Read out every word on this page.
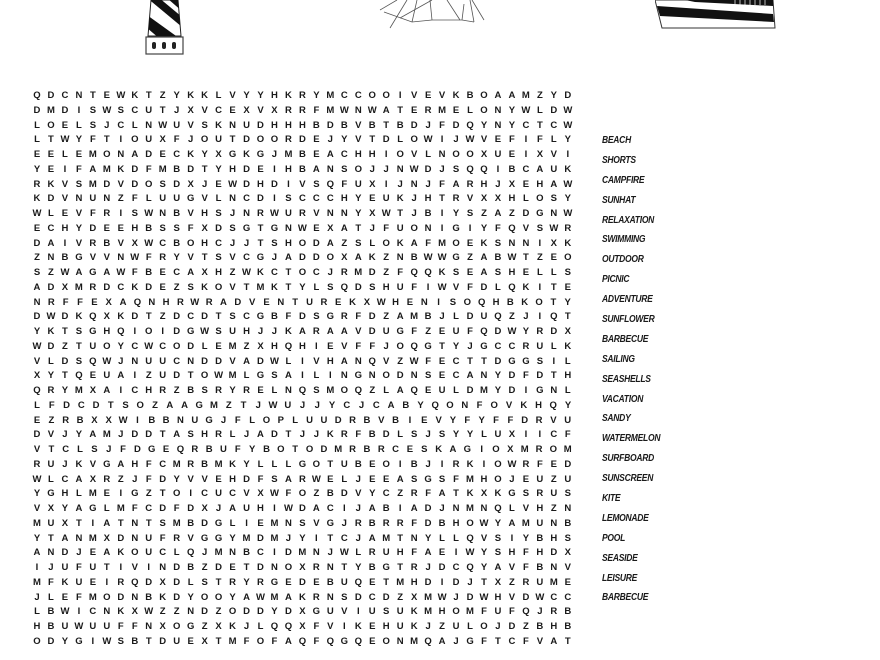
Q D C N T E W K T Z Y K K L V Y Y H K R Y M C C O O I V E V K B O A A M Z Y D
D M D I S W S C U T J X V C E X V X R R F M W N W A T E R M E L O N Y W L D W
L O E L S J C L N W U V S K N U D H H H B D B V B T B D J F D Q Y N Y C T C W
L T W Y F T	I O U X F J O U T D O O R D E J Y V T D L O W I	J W V E F	I	F L Y
E E L E M O N A D E C K Y X G K G J M B E A C H H I O V L N O O X U E I X V I
Y E I	F A M K D F M B D T Y H D E I H B A N S O J J N W D J S Q Q I B C A U K
R K V S M D V D O S D X J E W D H D I V S Q F U X I	J N J F A R H J X E H A W
K D V N U N Z F L U U G V L N C D I S C C C H Y E U K J H T R V X X H L O S Y
W L E V F R I S W N B V H S J N R W U R V N N Y X W T J B I Y S Z A Z D G N W
E C H Y D E E H B S S F X D S G T G N W E X A T J F U O N I G I Y F Q V S W R
D A I V R B V X W C B O H C J J T S H O D A Z S L O K A F M O E K S N N I X K
Z N B G V V N W F R Y V T S V C G J A D D O X A K Z N B W W G Z A B W T Z E O
S Z W A G A W F B E C A X H Z W K C T O C J R M D Z F Q Q K S E A S H E L L S
A D X M R D C K D E Z S K O V T M K T Y L S Q D S H U F	I W V F D L Q K I	T E
N R F F E X A Q N H R W R A D V E N T U R E K X W H E N	I	S O Q H B K O T Y
D W D K Q X K D T Z D C D T S C G B F D S G R F D Z A M B J L D U Q Z J	I Q T
Y K T S G H Q I O I D G W S U H J J K A R A A V D U G F Z E U F Q D W Y R D X
W D Z T U O Y C W C O D L E M Z X H Q H I E V F F J O Q G T Y J G C C R U L K
V L D S Q W J N U U C N D D V A D W L	I V H A N Q V Z W F E C T T D G G S I	L
X Y T Q E U A I	Z U D T O W M L G S A I	L	I N G N O D N S E C A N Y D F D T H
Q R Y M X A I C H R Z B S R Y R E L N Q S M O Q Z L A Q E U L D M Y D I G N L
L F D C D T S O Z A A G M Z T J W U J J Y C J C A B Y Q O N F O V K H Q Y
E Z R B X X W I	B B N U G J F L O P L U U D R B V B	I	E V Y F Y F F D R V U
D V J Y A M J D D T A S H R L J A D T J J K R F B D L S J S Y Y L U X I	I C F
V T C L S J F D G E Q R B U F Y B O T O D M R B R C E S K A G I O X M R O M
R U J K V G A H F C M R B M K Y L L L G O T U B E O I B J	I R K I O W R F E D
W L C A X R Z J F D Y V V E H D F S A R W E L J E E A S G S F M H O J E U Z U
Y G H L M E I G Z T O I C U C V X W F O Z B D V Y C Z R F A T K X K G S R U S
V X Y A G L M F C D F D X J A U H I W D A C I	J A B I A D J N M N Q L V H Z N
M U X T	I A T N T S M B D G L	I E M N S V G J R B R R F D B H O W Y A M U N B
Y T A N M X D N U F R V G G Y M D M J Y I	T C J A M T N Y L L Q V S I Y B H S
A N D J E A K O U C L Q J M N B C I D M N J W L R U H F A E I W Y S H F H D X
I	J U F U T	I V I N D B Z D E T D N O X R N T Y B G T R J D C Q Y A V F B N V
M F K U E I R Q D X D L S T R Y R G E D E B U Q E T M H D I D J T X Z R U M E
J L E F M O D N B K D Y O O Y A W M A K R N S D C D Z X M W J D W H V D W C C
L B W I C N K X W Z Z N D Z O D D Y D X G U V I U S U K M H O M F U F Q J R B
H B U W U U F F N X O G Z X K J L Q Q X F V I K E H U K J Z U L O J D Z B H B
O D Y G I W S B T D U E X T M F O F A Q F Q G Q E O N M Q A J G F T C F V A T
BEACH
SHORTS
CAMPFIRE
SUNHAT
RELAXATION
SWIMMING
OUTDOOR
PICNIC
ADVENTURE
SUNFLOWER
BARBECUE
SAILING
SEASHELLS
VACATION
SANDY
WATERMELON
SURFBOARD
SUNSCREEN
KITE
LEMONADE
POOL
SEASIDE
LEISURE
BARBECUE
